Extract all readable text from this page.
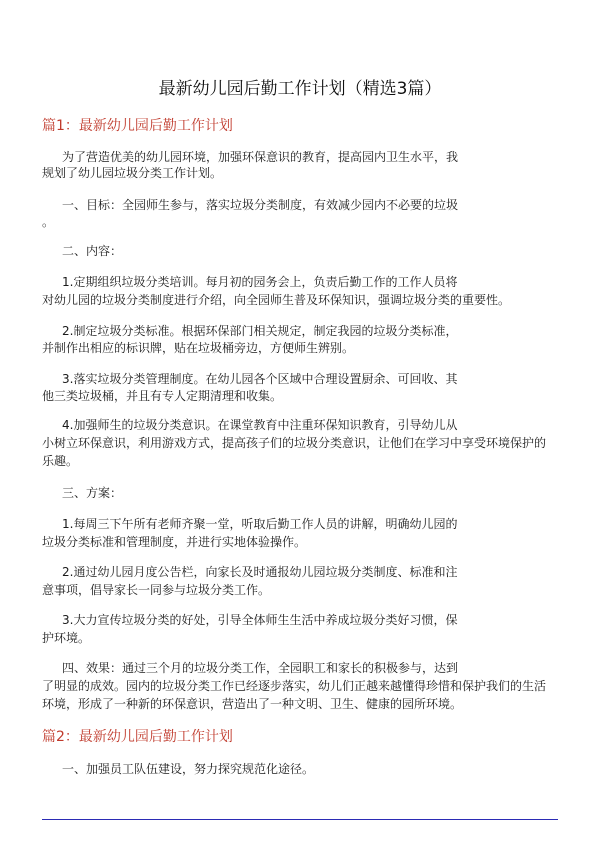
最新幼儿园后勤工作计划（精选3篇）
篇1：最新幼儿园后勤工作计划
为了营造优美的幼儿园环境，加强环保意识的教育，提高园内卫生水平，我
规划了幼儿园垃圾分类工作计划。
一、目标：全园师生参与，落实垃圾分类制度，有效减少园内不必要的垃圾
。
二、内容：
1.定期组织垃圾分类培训。每月初的园务会上，负责后勤工作的工作人员将
对幼儿园的垃圾分类制度进行介绍，向全园师生普及环保知识，强调垃圾分类的重要性。
2.制定垃圾分类标准。根据环保部门相关规定，制定我园的垃圾分类标准，
并制作出相应的标识牌，贴在垃圾桶旁边，方便师生辨别。
3.落实垃圾分类管理制度。在幼儿园各个区域中合理设置厨余、可回收、其
他三类垃圾桶，并且有专人定期清理和收集。
4.加强师生的垃圾分类意识。在课堂教育中注重环保知识教育，引导幼儿从
小树立环保意识，利用游戏方式，提高孩子们的垃圾分类意识，让他们在学习中享受环境保护的
乐趣。
三、方案：
1.每周三下午所有老师齐聚一堂，听取后勤工作人员的讲解，明确幼儿园的
垃圾分类标准和管理制度，并进行实地体验操作。
2.通过幼儿园月度公告栏，向家长及时通报幼儿园垃圾分类制度、标准和注
意事项，倡导家长一同参与垃圾分类工作。
3.大力宣传垃圾分类的好处，引导全体师生生活中养成垃圾分类好习惯，保
护环境。
四、效果：通过三个月的垃圾分类工作，全园职工和家长的积极参与，达到
了明显的成效。园内的垃圾分类工作已经逐步落实，幼儿们正越来越懂得珍惜和保护我们的生活
环境，形成了一种新的环保意识，营造出了一种文明、卫生、健康的园所环境。
篇2：最新幼儿园后勤工作计划
一、加强员工队伍建设，努力探究规范化途径。
